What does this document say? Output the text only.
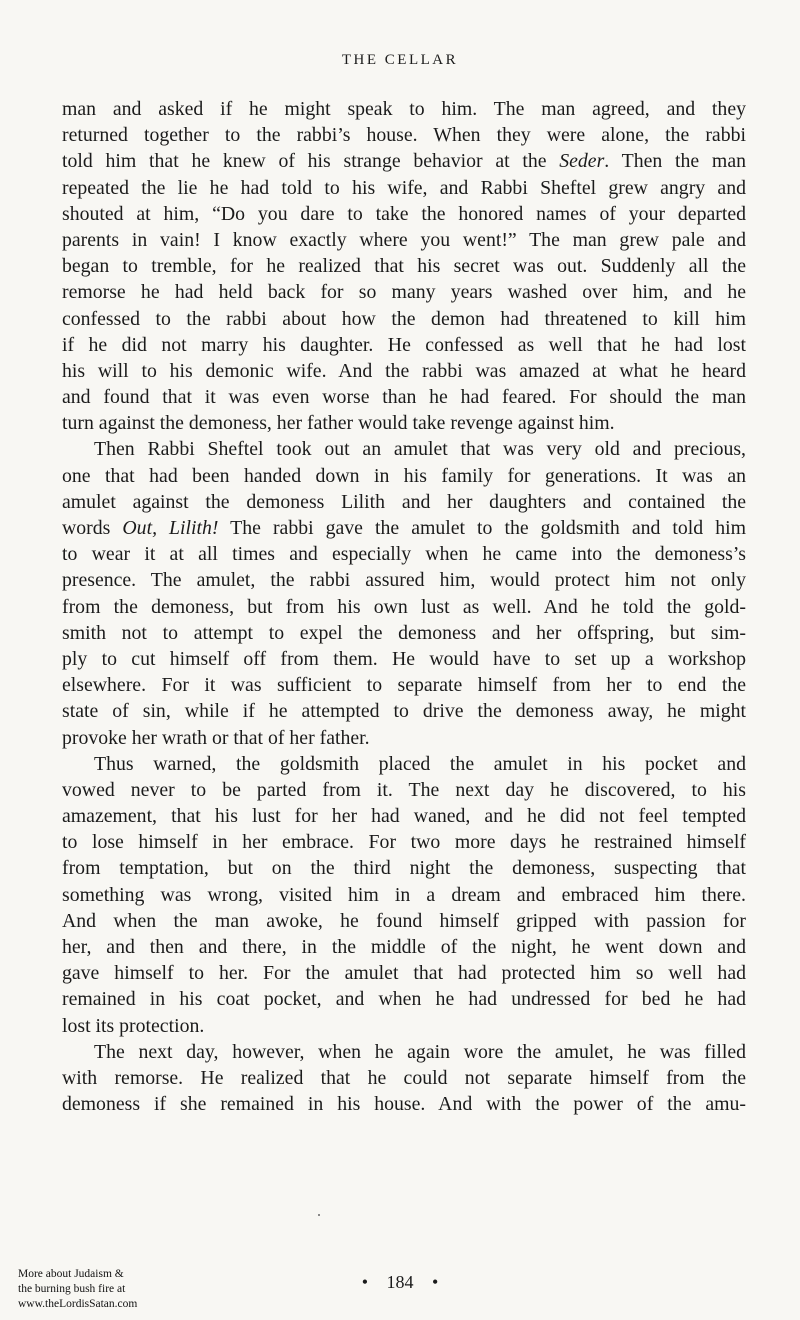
THE CELLAR
man and asked if he might speak to him. The man agreed, and they
returned together to the rabbi’s house. When they were alone, the rabbi
told him that he knew of his strange behavior at the Seder. Then the man
repeated the lie he had told to his wife, and Rabbi Sheftel grew angry and
shouted at him, “Do you dare to take the honored names of your departed
parents in vain! I know exactly where you went!” The man grew pale and
began to tremble, for he realized that his secret was out. Suddenly all the
remorse he had held back for so many years washed over him, and he
confessed to the rabbi about how the demon had threatened to kill him
if he did not marry his daughter. He confessed as well that he had lost
his will to his demonic wife. And the rabbi was amazed at what he heard
and found that it was even worse than he had feared. For should the man
turn against the demoness, her father would take revenge against him.
Then Rabbi Sheftel took out an amulet that was very old and precious,
one that had been handed down in his family for generations. It was an
amulet against the demoness Lilith and her daughters and contained the
words Out, Lilith! The rabbi gave the amulet to the goldsmith and told him
to wear it at all times and especially when he came into the demoness’s
presence. The amulet, the rabbi assured him, would protect him not only
from the demoness, but from his own lust as well. And he told the gold-
smith not to attempt to expel the demoness and her offspring, but sim-
ply to cut himself off from them. He would have to set up a workshop
elsewhere. For it was sufficient to separate himself from her to end the
state of sin, while if he attempted to drive the demoness away, he might
provoke her wrath or that of her father.
Thus warned, the goldsmith placed the amulet in his pocket and
vowed never to be parted from it. The next day he discovered, to his
amazement, that his lust for her had waned, and he did not feel tempted
to lose himself in her embrace. For two more days he restrained himself
from temptation, but on the third night the demoness, suspecting that
something was wrong, visited him in a dream and embraced him there.
And when the man awoke, he found himself gripped with passion for
her, and then and there, in the middle of the night, he went down and
gave himself to her. For the amulet that had protected him so well had
remained in his coat pocket, and when he had undressed for bed he had
lost its protection.
The next day, however, when he again wore the amulet, he was filled
with remorse. He realized that he could not separate himself from the
demoness if she remained in his house. And with the power of the amu-
More about Judaism &
the burning bush fire at
www.theLordisSatan.com
• 184 •
